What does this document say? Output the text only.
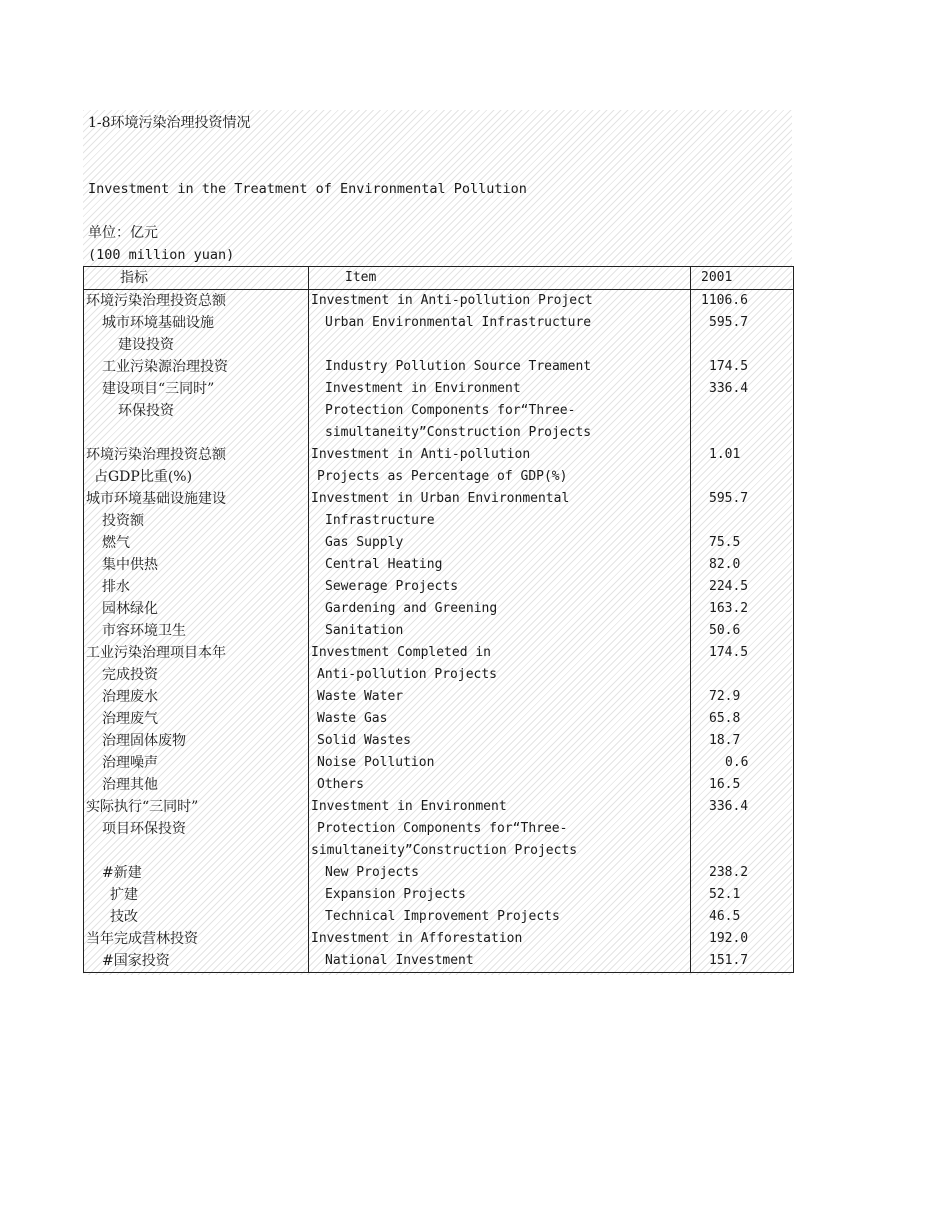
1-8环境污染治理投资情况
Investment in the Treatment of Environmental Pollution
单位：亿元
(100 million yuan)
指标	Item	2001
环境污染治理投资总额	Investment in Anti-pollution Project	1106.6
城市环境基础设施	Urban Environmental Infrastructure	595.7
建设投资		
工业污染源治理投资	Industry Pollution Source Treament	174.5
建设项目“三同时”	Investment in Environment	336.4
环保投资	Protection Components for“Three-	
	simultaneity”Construction Projects	
环境污染治理投资总额	Investment in Anti-pollution	1.01
占GDP比重(%)	Projects as Percentage of GDP(%)	
城市环境基础设施建设	Investment in Urban Environmental	595.7
投资额	Infrastructure	
燃气	Gas Supply	75.5
集中供热	Central Heating	82.0
排水	Sewerage Projects	224.5
园林绿化	Gardening and Greening	163.2
市容环境卫生	Sanitation	50.6
工业污染治理项目本年	Investment Completed in	174.5
完成投资	Anti-pollution Projects	
治理废水	Waste Water	72.9
治理废气	Waste Gas	65.8
治理固体废物	Solid Wastes	18.7
治理噪声	Noise Pollution	0.6
治理其他	Others	16.5
实际执行“三同时”	Investment in Environment	336.4
项目环保投资	Protection Components for“Three-	
	simultaneity”Construction Projects	
#新建	New Projects	238.2
扩建	Expansion Projects	52.1
技改	Technical Improvement Projects	46.5
当年完成营林投资	Investment in Afforestation	192.0
#国家投资	National Investment	151.7
